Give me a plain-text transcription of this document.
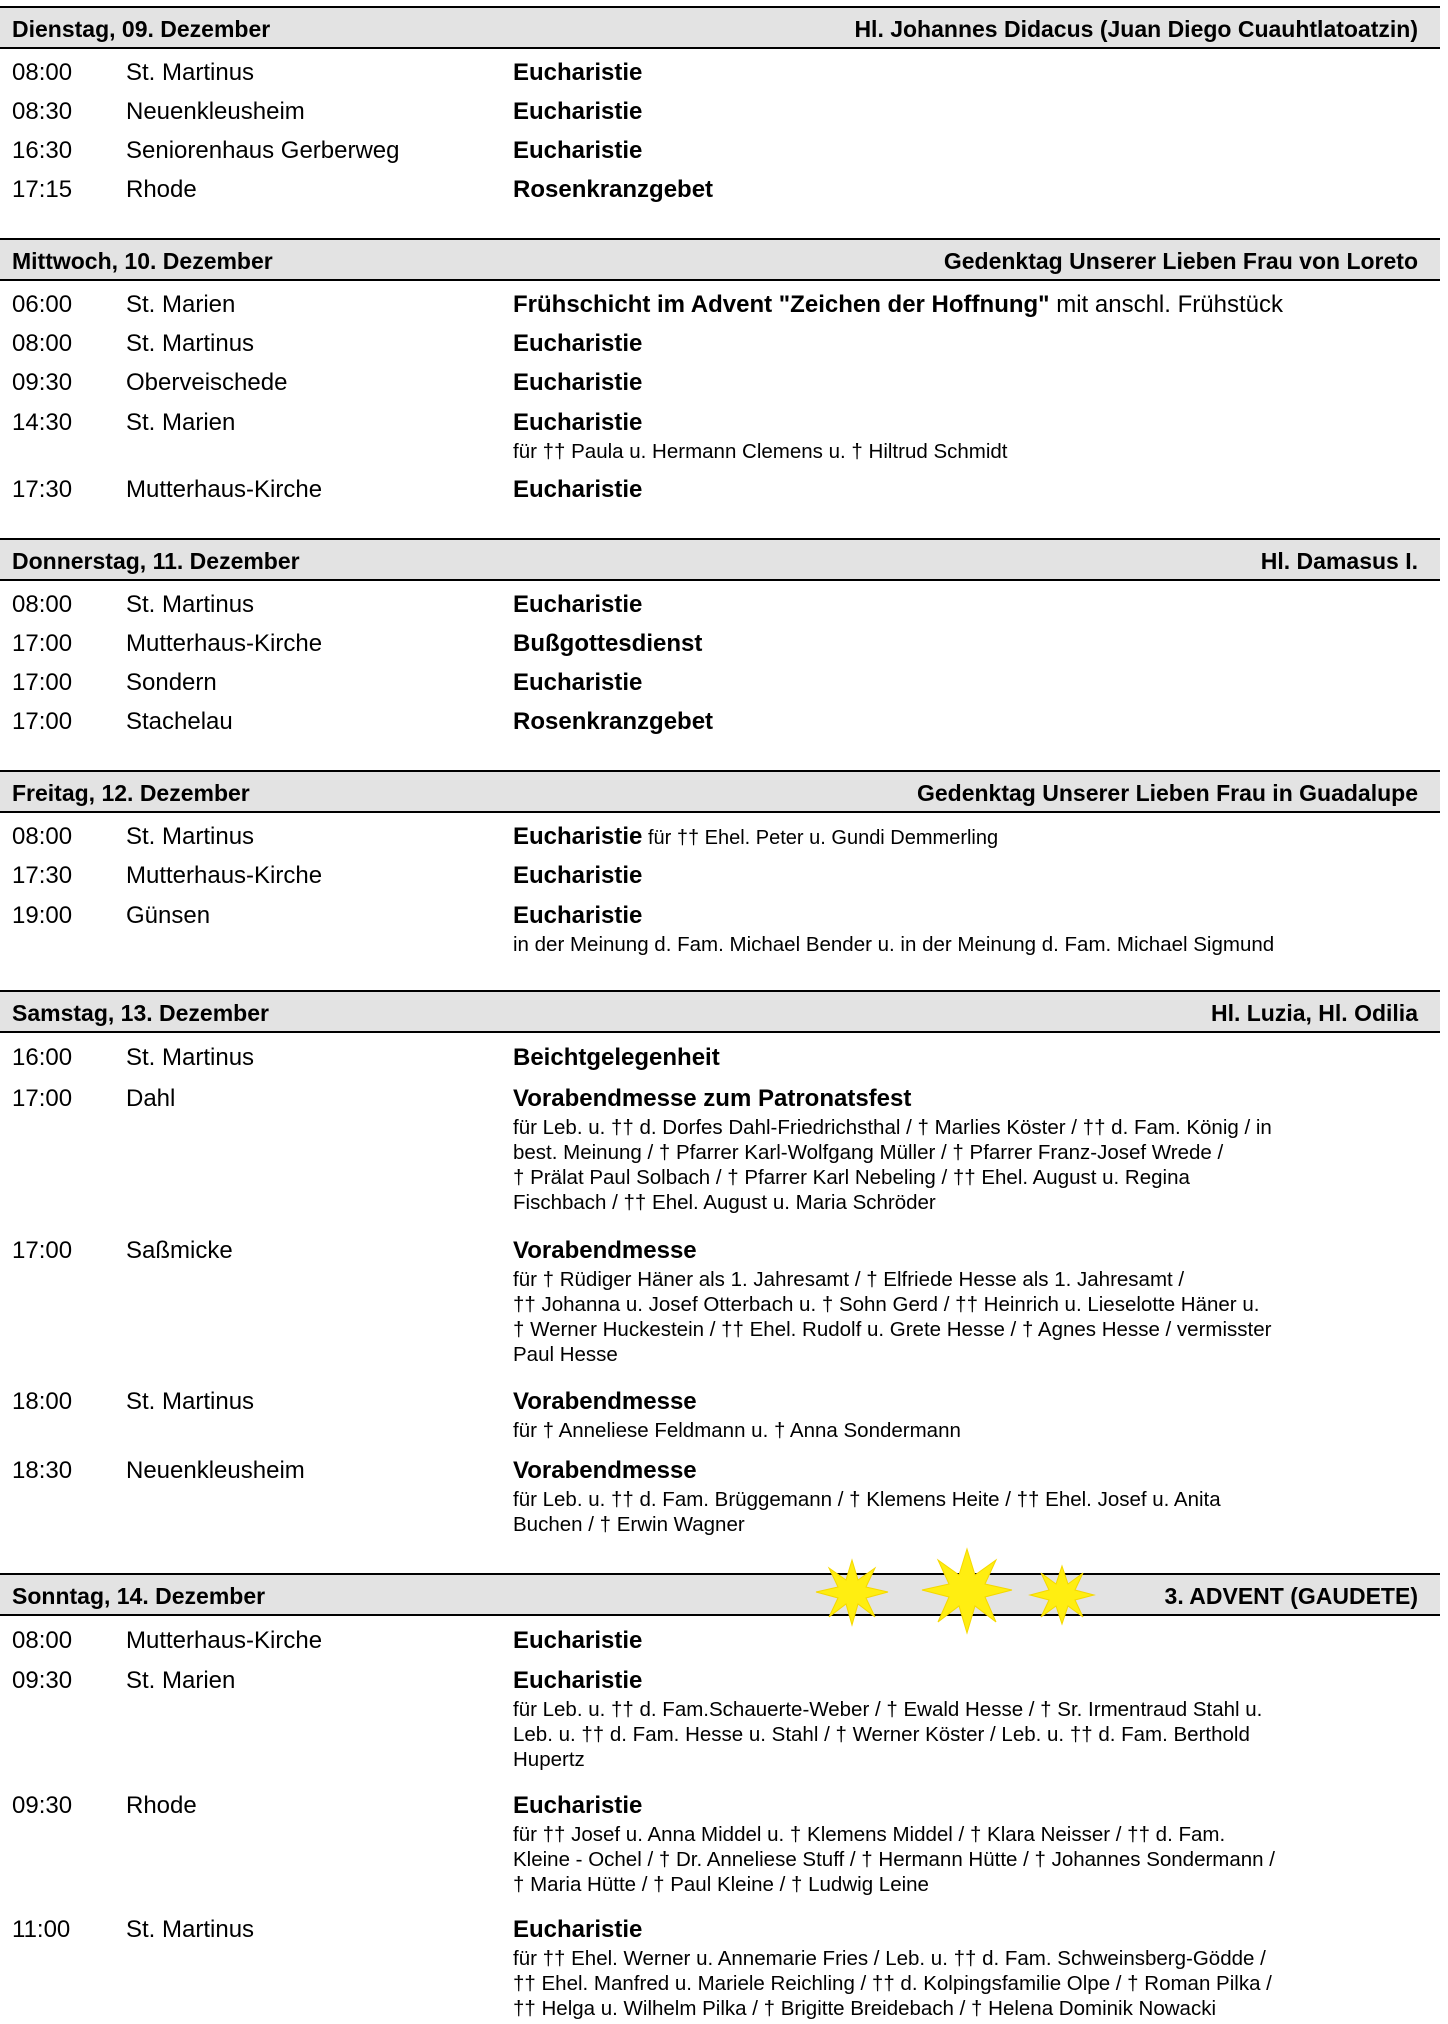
Dienstag, 09. Dezember	Hl. Johannes Didacus (Juan Diego Cuauhtlatoatzin)
08:00 St. Martinus	Eucharistie
08:30 Neuenkleusheim	Eucharistie
16:30 Seniorenhaus Gerberweg	Eucharistie
17:15 Rhode	Rosenkranzgebet
Mittwoch, 10. Dezember	Gedenktag Unserer Lieben Frau von Loreto
06:00 St. Marien	Frühschicht im Advent "Zeichen der Hoffnung" mit anschl. Frühstück
08:00 St. Martinus	Eucharistie
09:30 Oberveischede	Eucharistie
14:30 St. Marien	Eucharistie
für †† Paula u. Hermann Clemens u. † Hiltrud Schmidt
17:30 Mutterhaus-Kirche	Eucharistie
Donnerstag, 11. Dezember	Hl. Damasus I.
08:00 St. Martinus	Eucharistie
17:00 Mutterhaus-Kirche	Bußgottesdienst
17:00 Sondern	Eucharistie
17:00 Stachelau	Rosenkranzgebet
Freitag, 12. Dezember	Gedenktag Unserer Lieben Frau in Guadalupe
08:00 St. Martinus	Eucharistie für †† Ehel. Peter u. Gundi Demmerling
17:30 Mutterhaus-Kirche	Eucharistie
19:00 Günsen	Eucharistie
in der Meinung d. Fam. Michael Bender u. in der Meinung d. Fam. Michael Sigmund
Samstag, 13. Dezember	Hl. Luzia, Hl. Odilia
16:00 St. Martinus	Beichtgelegenheit
17:00 Dahl	Vorabendmesse zum Patronatsfest
für Leb. u. †† d. Dorfes Dahl-Friedrichsthal / † Marlies Köster / †† d. Fam. König / in
best. Meinung / † Pfarrer Karl-Wolfgang Müller / † Pfarrer Franz-Josef Wrede /
† Prälat Paul Solbach / † Pfarrer Karl Nebeling / †† Ehel. August u. Regina
Fischbach / †† Ehel. August u. Maria Schröder
17:00 Saßmicke	Vorabendmesse
für † Rüdiger Häner als 1. Jahresamt / † Elfriede Hesse als 1. Jahresamt /
†† Johanna u. Josef Otterbach u. † Sohn Gerd / †† Heinrich u. Lieselotte Häner u.
† Werner Huckestein / †† Ehel. Rudolf u. Grete Hesse / † Agnes Hesse / vermisster
Paul Hesse
18:00 St. Martinus	Vorabendmesse
für † Anneliese Feldmann u. † Anna Sondermann
18:30 Neuenkleusheim	Vorabendmesse
für Leb. u. †† d. Fam. Brüggemann / † Klemens Heite / †† Ehel. Josef u. Anita
Buchen / † Erwin Wagner
Sonntag, 14. Dezember	3. ADVENT (GAUDETE)
08:00 Mutterhaus-Kirche	Eucharistie
09:30 St. Marien	Eucharistie
für Leb. u. †† d. Fam.Schauerte-Weber / † Ewald Hesse / † Sr. Irmentraud Stahl u.
Leb. u. †† d. Fam. Hesse u. Stahl / † Werner Köster / Leb. u. †† d. Fam. Berthold
Hupertz
09:30 Rhode	Eucharistie
für †† Josef u. Anna Middel u. † Klemens Middel / † Klara Neisser / †† d. Fam.
Kleine - Ochel / † Dr. Anneliese Stuff / † Hermann Hütte / † Johannes Sondermann /
† Maria Hütte / † Paul Kleine / † Ludwig Leine
11:00 St. Martinus	Eucharistie
für †† Ehel. Werner u. Annemarie Fries / Leb. u. †† d. Fam. Schweinsberg-Gödde /
†† Ehel. Manfred u. Mariele Reichling / †† d. Kolpingsfamilie Olpe / † Roman Pilka /
†† Helga u. Wilhelm Pilka / † Brigitte Breidebach / † Helena Dominik Nowacki
